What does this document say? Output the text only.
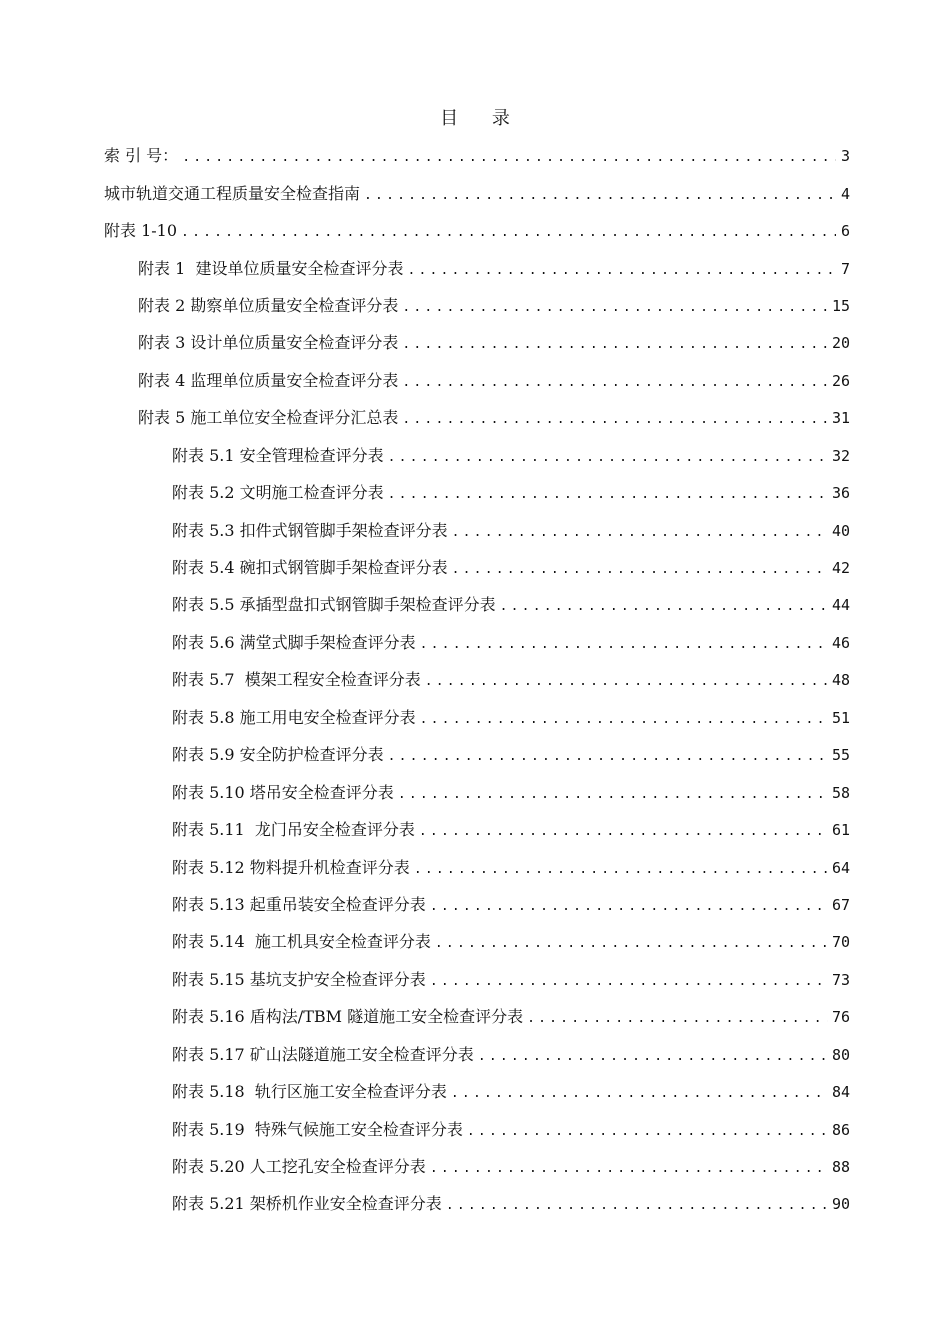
目 录
索 引 号： .....	3
城市轨道交通工程质量安全检查指南 .....	4
附表 1-10 .....	6
附表 1  建设单位质量安全检查评分表 .....	7
附表 2 勘察单位质量安全检查评分表 .....	15
附表 3 设计单位质量安全检查评分表 .....	20
附表 4 监理单位质量安全检查评分表 .....	26
附表 5 施工单位安全检查评分汇总表 .....	31
附表 5.1 安全管理检查评分表 .....	32
附表 5.2 文明施工检查评分表 .....	36
附表 5.3 扣件式钢管脚手架检查评分表 .....	40
附表 5.4 碗扣式钢管脚手架检查评分表 .....	42
附表 5.5 承插型盘扣式钢管脚手架检查评分表 .....	44
附表 5.6 满堂式脚手架检查评分表 .....	46
附表 5.7  模架工程安全检查评分表 .....	48
附表 5.8 施工用电安全检查评分表 .....	51
附表 5.9 安全防护检查评分表 .....	55
附表 5.10 塔吊安全检查评分表 .....	58
附表 5.11  龙门吊安全检查评分表 .....	61
附表 5.12 物料提升机检查评分表 .....	64
附表 5.13 起重吊装安全检查评分表 .....	67
附表 5.14  施工机具安全检查评分表 .....	70
附表 5.15 基坑支护安全检查评分表 .....	73
附表 5.16 盾构法/TBM 隧道施工安全检查评分表 .....	76
附表 5.17 矿山法隧道施工安全检查评分表 .....	80
附表 5.18  轨行区施工安全检查评分表 .....	84
附表 5.19  特殊气候施工安全检查评分表 .....	86
附表 5.20 人工挖孔安全检查评分表 .....	88
附表 5.21 架桥机作业安全检查评分表 .....	90
